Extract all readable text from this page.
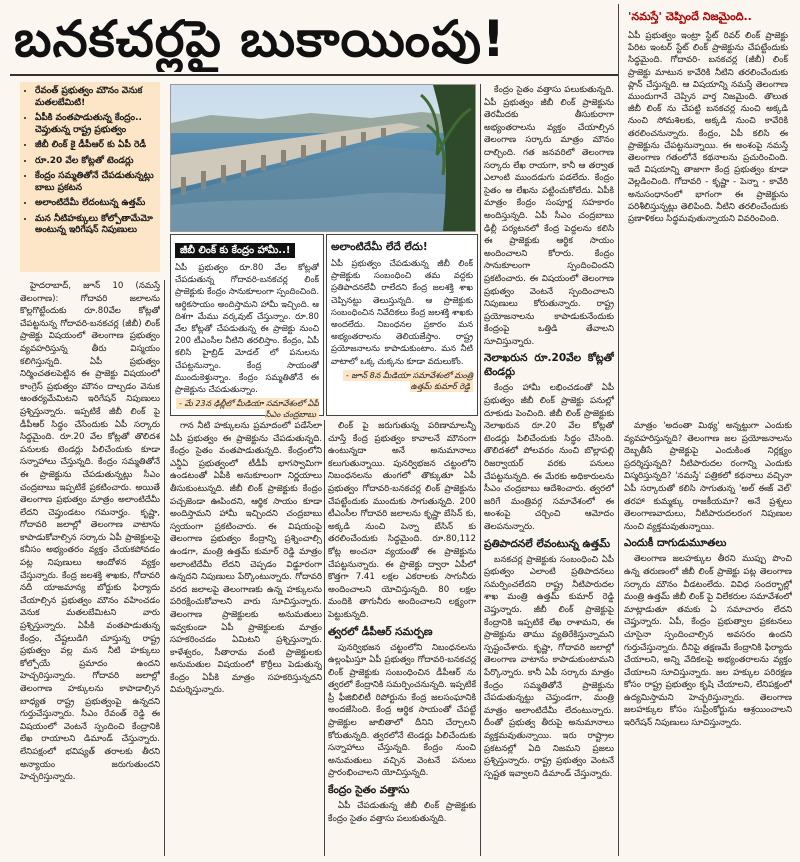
బనకచర్లపై బుకాయింపు!
• రేవంత్ ప్రభుత్వం మౌనం వెనుక మతలబేమిటి!
• ఏపీకి వంతపాడుతున్న కేంద్రం.. చెప్తుతున్న రాష్ట్ర ప్రభుత్వం
• జీబీ లింక్ కై డీపీఆర్ కు ఏపీ రెడీ
• రూ.20 వేల కోట్లతో టెండర్లు
• కేంద్రం సమ్మతితోనే చేపడుతున్నట్లు బాబు ప్రకటన
• అలాంటిదేమీ లేదంటున్న ఉత్తమ్
• మన నీటిహక్కులు కోల్పోతామేమో అంటున్న ఇరిగేషన్ నిపుణులు
'నమస్తే' చెప్పిందే నిజమైంది..
ఏపీ ప్రభుత్వం ఇంట్రా స్టేట్ రివర్ లింక్ ప్రాజెక్టు పేరిట ఇంటర్ స్టేట్ లింక్ ప్రాజెక్టును చేపట్టేందుకు సిద్ధమైంది. గోదావరి- బనకచర్ల (జీబీ) లింక్ ప్రాజెక్టు మాటున కావేరికి నీటిని తరలించేందుకు ప్లాన్ చేస్తున్నది. ఆ విషయాన్ని నమస్తే తెలంగాణ ముందుగానే చెప్పిన వార్త నిజమైంది. తొలుత జీబీ లింక్ ను చేపట్టి బనకచర్ల నుంచి అక్కడి నుంచి సోమశిలకు, అక్కడి నుంచి కావేరికి తరలించనున్నారు. కేంద్రం, ఏపీ కలిసి ఈ ప్రాజెక్టును చేపట్టనున్నాయి. ఈ అంశంపై నమస్తే తెలంగాణ గతంలోనే కథనాలను ప్రచురించింది. ఇదే విషయాన్ని తాజాగా కేంద్ర ప్రభుత్వం కూడా వెల్లడించింది. గోదావరి - కృష్ణా - పెన్నా - కావేరి అనుసంధానంలో భాగంగా ఈ ప్రాజెక్టును పరిశీలిస్తున్నట్లు తెలిపింది. నీటిని తరలించేందుకు ప్రణాళికలు సిద్ధమవుతున్నాయని వివరించింది.
జీబీ లింక్ కు కేంద్రం హామీ..!
ఏపీ ప్రభుత్వం రూ.80 వేల కోట్లతో చేపడుతున్న గోదావరి-బనకచర్ల లింక్ ప్రాజెక్టుకు కేంద్రం సానుకూలంగా స్పందించింది. ఆర్థికసాయం అందిస్తామని హామీ ఇచ్చింది. ఆ దిశగా మేము వర్కవుట్ చేస్తున్నాం. రూ.80 వేల కోట్లతో చేపడుతున్న ఈ ప్రాజెక్టు నుంచి 200 టీఎంసీల నీటిని తరలిస్తాం. కేంద్రం, ఏపీ కలిసి హైబ్రిడ్ మోడల్ లో పనులను చేపట్టనున్నాం. కేంద్ర సాయంతో ముందుకెళ్తున్నాం. కేంద్రం సమ్మతితోనే ఈ ప్రాజెక్టును చేపడుతున్నాం.
- మే 23న ఢిల్లీలో మీడియా సమావేశంలో ఏపీ సీఎం చంద్రబాబు
అలాంటిదేమీ లేదే లేదు!
ఏపీ ప్రభుత్వం చేపడుతున్న జీబీ లింక్ ప్రాజెక్టుకు సంబంధించి తమ వద్దకు ప్రతిపాదనలేవీ రాలేదని కేంద్ర జలశక్తి శాఖ చెప్పినట్టు తెలుస్తున్నది. ఆ ప్రాజెక్టుకు సంబంధించిన నివేదికలు కేంద్ర జలశక్తి శాఖకు అందలేదు. నిబంధనల ప్రకారం మన అభ్యంతరాలను తెలియజేస్తాం. రాష్ట్ర ప్రయోజనాలను కాపాడుకుంటాం. మన నీటి వాటాలో ఒక్క చుక్కను కూడా వదులుకోం.
- జూన్ 8న మీడియా సమావేశంలో మంత్రి ఉత్తమ్ కుమార్ రెడ్డి

హైదరాబాద్, జూన్ 10 (నమస్తే తెలంగాణ): గోదావరి జలాలను కొల్లగొట్టేందుకు రూ.80వేల కోట్లతో చేపట్టనున్న గోదావరి-బనకచర్ల (జీబీ) లింక్ ప్రాజెక్టు విషయంలో తెలంగాణ ప్రభుత్వం వ్యవహరిస్తున్న తీరు విస్మయం కలిగిస్తున్నది. ఏపీ ప్రభుత్వం నిర్మించతలపెట్టిన ఈ ప్రాజెక్టు విషయంలో కాంగ్రెస్ ప్రభుత్వం మౌనం దాల్చడం వెనుక ఆంతర్యమేమిటని ఇరిగేషన్ నిపుణులు ప్రశ్నిస్తున్నారు. ఇప్పటికే జీబీ లింక్ పై డీపీఆర్ సిద్ధం చేసేందుకు ఏపీ సర్కారు సిద్ధమైంది. రూ.20 వేల కోట్లతో తొలిదశ పనులకు టెండర్లు పిలిచేందుకు కూడా సన్నాహాలు చేస్తున్నది. కేంద్రం సమ్మతితోనే ఈ ప్రాజెక్టును చేపడుతున్నట్లు సీఎం చంద్రబాబు ఇప్పటికే ప్రకటించారు. అయితే తెలంగాణ ప్రభుత్వం మాత్రం అలాంటిదేమీ లేదని చెప్తుండటం గమనార్హం. కృష్ణా, గోదావరి జలాల్లో తెలంగాణ వాటాను కాపాడుకోవాల్సిన సర్కారు ఏపీ ప్రాజెక్టులపై కనీసం అభ్యంతరం వ్యక్తం చేయకపోవడం పట్ల నిపుణులు ఆందోళన వ్యక్తం చేస్తున్నారు. కేంద్ర జలశక్తి శాఖకు, గోదావరి నదీ యాజమాన్య బోర్డుకు ఫిర్యాదు చేయాల్సిన ప్రభుత్వం మౌనం వహించడం వెనుక మతలబేమిటని వారు ప్రశ్నిస్తున్నారు. ఏపీకి వంతపాడుతున్న కేంద్రం, చేష్టలుడిగి చూస్తున్న రాష్ట్ర ప్రభుత్వం వల్ల మన నీటి హక్కులు కోల్పోయే ప్రమాదం ఉందని హెచ్చరిస్తున్నారు. గోదావరి జలాల్లో తెలంగాణ హక్కులను కాపాడాల్సిన బాధ్యత రాష్ట్ర ప్రభుత్వంపై ఉన్నదని గుర్తుచేస్తున్నారు. సీఎం రేవంత్ రెడ్డి ఈ విషయంలో వెంటనే స్పందించి కేంద్రానికి లేఖ రాయాలని డిమాండ్ చేస్తున్నారు. లేనిపక్షంలో భవిష్యత్ తరాలకు తీరని అన్యాయం జరుగుతుందని హెచ్చరిస్తున్నారు.

గాన నీటి హక్కులను ప్రమాదంలో పడేసేలా ఏపీ ప్రభుత్వం ఈ ప్రాజెక్టును చేపడుతున్నది. కేంద్రం సైతం వంతపాడుతున్నది. కేంద్రంలోని ఎన్డీఏ ప్రభుత్వంలో టీడీపీ భాగస్వామిగా ఉండటంతో ఏపీకి అనుకూలంగా నిర్ణయాలు తీసుకుంటున్నది. జీబీ లింక్ ప్రాజెక్టుకు కేంద్రం పచ్చజెండా ఊపిందని, ఆర్థిక సాయం కూడా అందిస్తామని హామీ ఇచ్చిందని చంద్రబాబు స్వయంగా ప్రకటించారు. ఈ విషయంపై తెలంగాణ ప్రభుత్వం కేంద్రాన్ని ప్రశ్నించాల్సి ఉండగా, మంత్రి ఉత్తమ్ కుమార్ రెడ్డి మాత్రం అలాంటిదేమీ లేదని చెప్పడం విడ్డూరంగా ఉన్నదని నిపుణులు పేర్కొంటున్నారు. గోదావరి వరద జలాలపై తెలంగాణకు ఉన్న హక్కులను పరిరక్షించుకోవాలని వారు సూచిస్తున్నారు. తెలంగాణ ప్రాజెక్టులకు అనుమతులు ఇవ్వకుండా ఏపీ ప్రాజెక్టులకు మాత్రం సహకరించడం ఏమిటని ప్రశ్నిస్తున్నారు. కాళేశ్వరం, సీతారామ వంటి ప్రాజెక్టులకు అనుమతుల విషయంలో కొర్రీలు పెడుతున్న కేంద్రం ఏపీకి మాత్రం సహకరిస్తున్నదని విమర్శిస్తున్నారు.

లింక్ పై జరుగుతున్న పరిణామాలన్నీ చూస్తే కేంద్ర ప్రభుత్వం కావాలనే మౌనంగా ఉంటున్నదా అనే అనుమానాలు కలుగుతున్నాయి. పునర్విభజన చట్టంలోని నిబంధనలను తుంగలో తొక్కుతూ ఏపీ ప్రభుత్వం గోదావరి-బనకచర్ల లింక్ ప్రాజెక్టును చేపట్టేందుకు ముందుకు సాగుతున్నది. 200 టీఎంసీల గోదావరి జలాలను కృష్ణా బేసిన్ కు, అక్కడి నుంచి పెన్నా బేసిన్ కు తరలించేందుకు సిద్ధమైంది. రూ.80,112 కోట్ల అంచనా వ్యయంతో ఈ ప్రాజెక్టును చేపట్టనున్నారు. ఈ ప్రాజెక్టు ద్వారా ఏపీలో కొత్తగా 7.41 లక్షల ఎకరాలకు సాగునీరు అందించాలని యోచిస్తున్నది. 80 లక్షల మందికి తాగునీరు అందించాలని లక్ష్యంగా పెట్టుకున్నది.

త్వరలో డీపీఆర్ సమర్పణ

పునర్విభజన చట్టంలోని నిబంధనలను ఉల్లంఘిస్తూ ఏపీ ప్రభుత్వం గోదావరి-బనకచర్ల లింక్ ప్రాజెక్టుకు సంబంధించిన డీపీఆర్ ను త్వరలో కేంద్రానికి సమర్పించనున్నది. ఇప్పటికే ప్రీ ఫీజిబిలిటీ రిపోర్టును కేంద్ర జలసంఘానికి అందజేసింది. కేంద్ర ఆర్థిక సాయంతో చేపట్టే ప్రాజెక్టుల జాబితాలో దీనిని చేర్చాలని కోరుతున్నది. త్వరలోనే టెండర్లు పిలిచేందుకు సన్నాహాలు చేస్తున్నది. కేంద్రం నుంచి అనుమతులు వచ్చిన వెంటనే పనులు ప్రారంభించాలని యోచిస్తున్నది.

కేంద్రం సైతం వత్తాసు

ఏపీ చేపడుతున్న జీబీ లింక్ ప్రాజెక్టుకు కేంద్రం సైతం వత్తాసు పలుకుతున్నది.

కేంద్రం సైతం వత్తాసు పలుకుతున్నది. ఏపీ ప్రభుత్వం జీబీ లింక్ ప్రాజెక్టును తెరమీదకు తీసుకురాగా అభ్యంతరాలను వ్యక్తం చేయాల్సిన తెలంగాణ సర్కారు మాత్రం మౌనం దాల్చింది. గత జనవరిలో తెలంగాణ సర్కారు లేఖ రాయగా, కానీ ఆ తర్వాత ఎలాంటి ముందడుగు పడలేదు. కేంద్రం సైతం ఆ లేఖను పట్టించుకోలేదు. ఏపీకి మాత్రం కేంద్రం సంపూర్ణ సహకారం అందిస్తున్నది. ఏపీ సీఎం చంద్రబాబు ఢిల్లీ పర్యటనలో కేంద్ర పెద్దలను కలిసి ఈ ప్రాజెక్టుకు ఆర్థిక సాయం అందించాలని కోరారు. కేంద్రం సానుకూలంగా స్పందించిందని ప్రకటించారు. ఈ విషయంలో తెలంగాణ ప్రభుత్వం వెంటనే స్పందించాలని నిపుణులు కోరుతున్నారు. రాష్ట్ర ప్రయోజనాలను కాపాడుకునేందుకు కేంద్రంపై ఒత్తిడి తేవాలని సూచిస్తున్నారు.

నెలాఖరున రూ.20వేల కోట్లతో టెండర్లు

కేంద్రం హామీ లభించడంతో ఏపీ ప్రభుత్వం జీబీ లింక్ ప్రాజెక్టు పనుల్లో దూకుడు పెంచింది. జీబీ లింక్ ప్రాజెక్టుకు నెలాఖరున రూ.20 వేల కోట్లతో టెండర్లు పిలిచేందుకు సిద్ధం చేసింది. తొలిదశలో పోలవరం నుంచి బొల్లాపల్లి రిజర్వాయర్ వరకు పనులు చేపట్టనున్నది. ఈ మేరకు అధికారులను సీఎం చంద్రబాబు ఆదేశించారు. త్వరలో జరిగే మంత్రివర్గ సమావేశంలో ఈ అంశంపై చర్చించి ఆమోదం తెలపనున్నారు.

ప్రతిపాదనలే లేవంటున్న ఉత్తమ్

బనకచర్ల ప్రాజెక్టుకు సంబంధించి ఏపీ ప్రభుత్వం ఎలాంటి ప్రతిపాదనలు సమర్పించలేదని రాష్ట్ర నీటిపారుదల శాఖ మంత్రి ఉత్తమ్ కుమార్ రెడ్డి చెప్తున్నారు. జీబీ లింక్ ప్రాజెక్టుపై కేంద్రానికి ఇప్పటికే లేఖ రాశామని, ఈ ప్రాజెక్టును తాము వ్యతిరేకిస్తున్నామని స్పష్టంచేశారు. కృష్ణా, గోదావరి జలాల్లో తెలంగాణ వాటాను కాపాడుకుంటామని పేర్కొన్నారు. కానీ ఏపీ సర్కారు మాత్రం కేంద్రం సమ్మతితోనే ప్రాజెక్టును చేపడుతున్నట్టు చెప్తుండగా, మంత్రి మాత్రం అలాంటిదేమీ లేదంటున్నారు. దీంతో ప్రభుత్వ తీరుపై అనుమానాలు వ్యక్తమవుతున్నాయి. ఇరు రాష్ట్రాల ప్రకటనల్లో ఏది నిజమని ప్రజలు ప్రశ్నిస్తున్నారు. రాష్ట్ర ప్రభుత్వం వెంటనే స్పష్టత ఇవ్వాలని డిమాండ్ చేస్తున్నారు.

మాత్రం 'అదంతా మిథ్య' అన్నట్టుగా ఎందుకు వ్యవహరిస్తున్నది? తెలంగాణ జల ప్రయోజనాలను దెబ్బతీసే ప్రాజెక్టుపై ఎందుకింత నిర్లక్ష్యం ప్రదర్శిస్తున్నది? నీటిపారుదల రంగాన్ని ఎందుకు విస్మరిస్తున్నది? 'నమస్తే' పత్రికలో కథనాలు వచ్చినా ఏపీ సర్కారుతో కలిసి సాగుతున్న 'అల్ ఈజ్ వెల్' తరహా కుమ్మక్కు రాజకీయమా? అనే ప్రశ్నలు తెలంగాణవాదులు, నీటిపారుదలరంగ నిపుణుల నుంచి వ్యక్తమవుతున్నాయి.

ఎందుకీ దాగుడుమూతలు

తెలంగాణ జలహక్కుల తీరని ముప్పు పొంచి ఉన్న తరుణంలో జీబీ లింక్ ప్రాజెక్టు పట్ల తెలంగాణ సర్కారు మౌనం వీడటంలేదు. వివిధ సందర్భాల్లో మంత్రి ఉత్తమ్ జీబీ లింక్ పై విలేకరుల సమావేశంలో మాట్లాడుతూ తమకు ఏ సమాచారం లేదని చెప్తున్నారు. ఏపీ, కేంద్రం ప్రభుత్వాల ప్రకటనలు చూసైనా స్పందించాల్సిన అవసరం ఉందని గుర్తుచేస్తున్నారు. దీనిపై తక్షణమే కేంద్రానికి ఫిర్యాదు చేయాలని, అన్ని వేదికలపై అభ్యంతరాలను వ్యక్తం చేయాలని సూచిస్తున్నారు. జల హక్కుల పరిరక్షణ కోసం రాష్ట్ర ప్రభుత్వం కృషి చేయాలని, లేనిపక్షంలో ఉద్యమిస్తామని హెచ్చరిస్తున్నారు. తెలంగాణ జలహక్కుల కోసం సుప్రీంకోర్టును ఆశ్రయించాలని ఇరిగేషన్ నిపుణులు సూచిస్తున్నారు.
